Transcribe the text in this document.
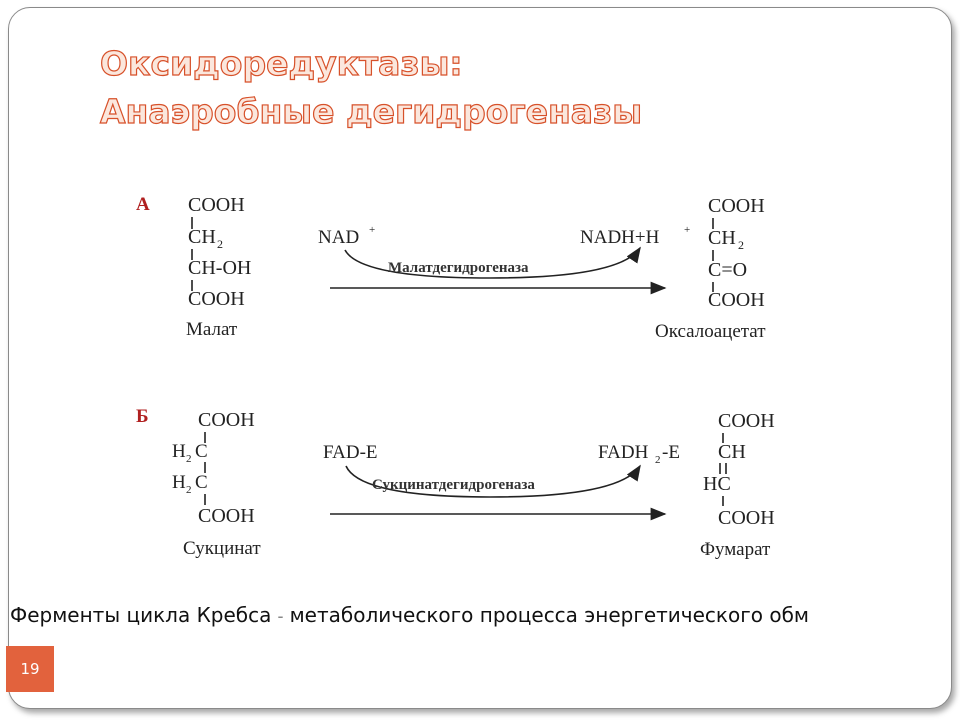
Оксидоредуктазы:
Анаэробные дегидрогеназы
А COOH
CH 2
CH-OH
COOH
Малат
NAD +	NADH+H +
Малатдегидрогеназа
COOH
CH 2
C=O
COOH
Оксалоацетат
Б COOH
H 2 C
H 2 C
COOH
Сукцинат
FAD-E	FADH 2 -E
Сукцинатдегидрогеназа
COOH
CH
HC
COOH
Фумарат
Ферменты цикла Кребса – метаболического процесса энергетического обм
19
